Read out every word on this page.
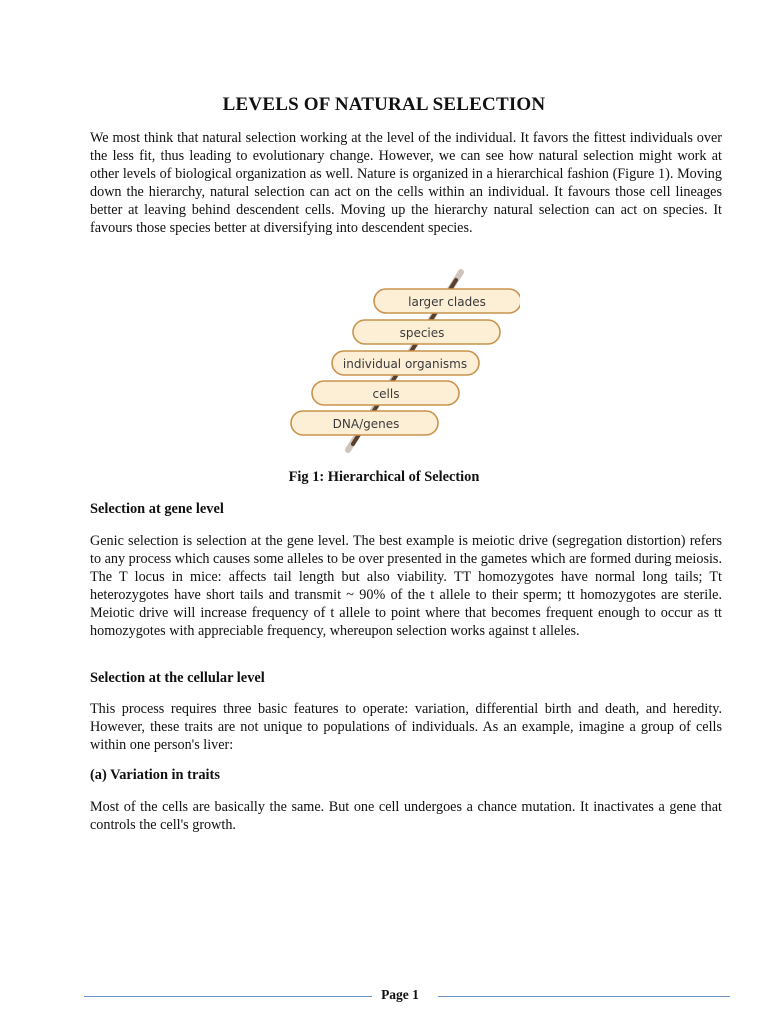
LEVELS OF NATURAL SELECTION

We most think that natural selection working at the level of the individual. It favors the fittest individuals over the less fit, thus leading to evolutionary change. However, we can see how natural selection might work at other levels of biological organization as well. Nature is organized in a hierarchical fashion (Figure 1). Moving down the hierarchy, natural selection can act on the cells within an individual. It favours those cell lineages better at leaving behind descendent cells. Moving up the hierarchy natural selection can act on species. It favours those species better at diversifying into descendent species.

larger clades
species
individual organisms
cells
DNA/genes

Fig 1: Hierarchical of Selection

Selection at gene level

Genic selection is selection at the gene level. The best example is meiotic drive (segregation distortion) refers to any process which causes some alleles to be over presented in the gametes which are formed during meiosis. The T locus in mice: affects tail length but also viability. TT homozygotes have normal long tails; Tt heterozygotes have short tails and transmit ~ 90% of the t allele to their sperm; tt homozygotes are sterile. Meiotic drive will increase frequency of t allele to point where that becomes frequent enough to occur as tt homozygotes with appreciable frequency, whereupon selection works against t alleles.

Selection at the cellular level

This process requires three basic features to operate: variation, differential birth and death, and heredity. However, these traits are not unique to populations of individuals. As an example, imagine a group of cells within one person's liver:

(a) Variation in traits

Most of the cells are basically the same. But one cell undergoes a chance mutation. It inactivates a gene that controls the cell's growth.

Page 1
